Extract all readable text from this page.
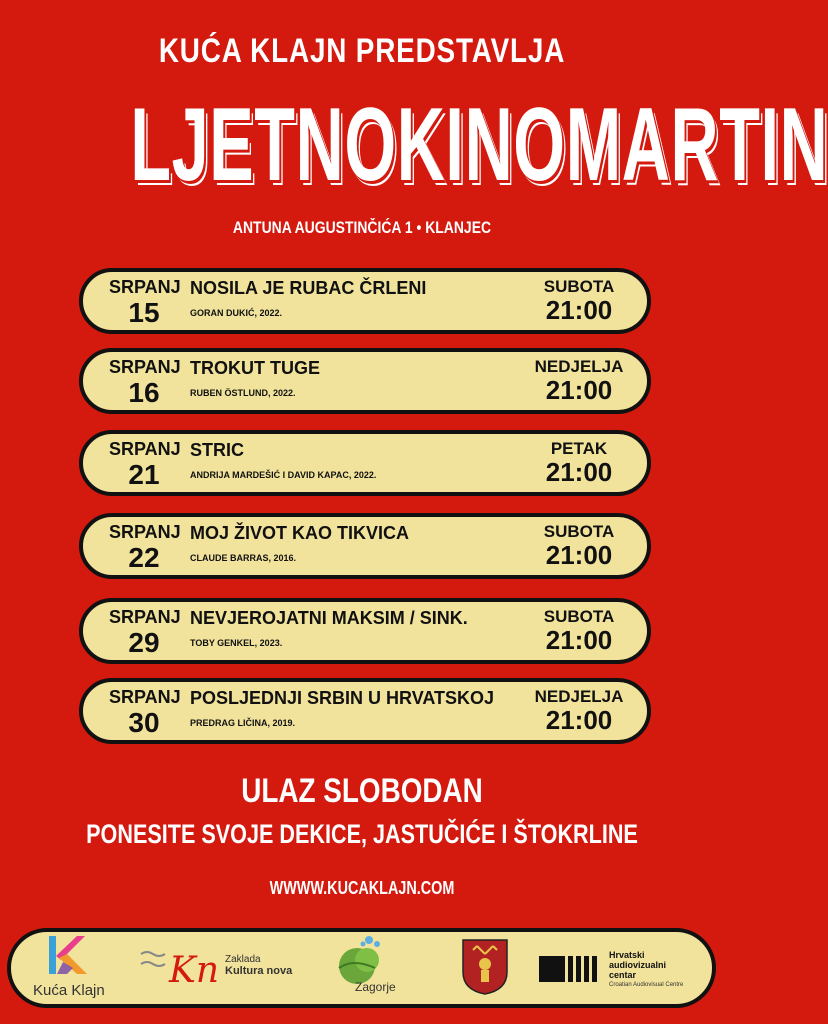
KUĆA KLAJN PREDSTAVLJA
LJETNOKINOMARTIN
ANTUNA AUGUSTINČIĆA 1 • KLANJEC
SRPANJ
15
NOSILA JE RUBAC ČRLENI
GORAN DUKIĆ, 2022.
SUBOTA
21:00
SRPANJ
16
TROKUT TUGE
RUBEN ÖSTLUND, 2022.
NEDJELJA
21:00
SRPANJ
21
STRIC
ANDRIJA MARDEŠIĆ I DAVID KAPAC, 2022.
PETAK
21:00
SRPANJ
22
MOJ ŽIVOT KAO TIKVICA
CLAUDE BARRAS, 2016.
SUBOTA
21:00
SRPANJ
29
NEVJEROJATNI MAKSIM / SINK.
TOBY GENKEL, 2023.
SUBOTA
21:00
SRPANJ
30
POSLJEDNJI SRBIN U HRVATSKOJ
PREDRAG LIČINA, 2019.
NEDJELJA
21:00
ULAZ SLOBODAN
PONESITE SVOJE DEKICE, JASTUČIĆE I ŠTOKRLINE
WWWW.KUCAKLAJN.COM
Kuća Klajn Kn Zaklada
Kultura nova
Zagorje
Hrvatski
audiovizualni
centar
Croatian Audiovisual Centre
